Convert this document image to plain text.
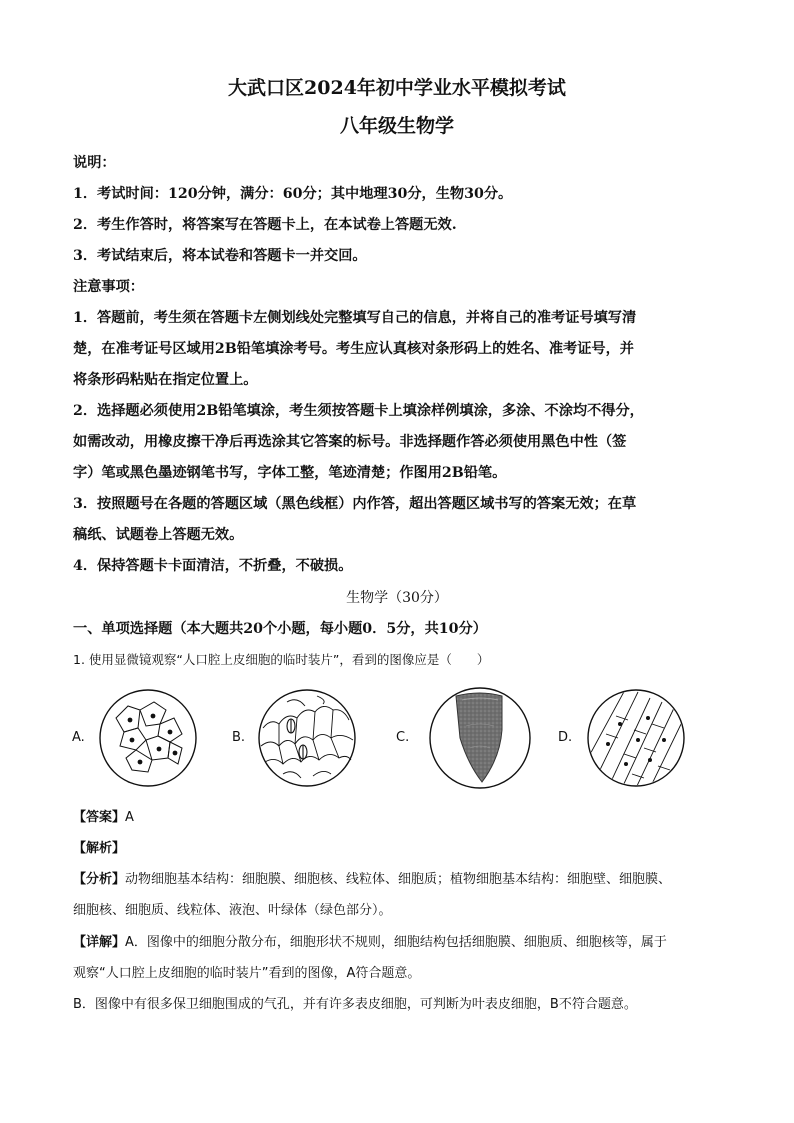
大武口区2024年初中学业水平模拟考试
八年级生物学
说明：
1．考试时间：120分钟，满分：60分；其中地理30分，生物30分。
2．考生作答时，将答案写在答题卡上，在本试卷上答题无效.
3．考试结束后，将本试卷和答题卡一并交回。
注意事项：
1．答题前，考生须在答题卡左侧划线处完整填写自己的信息，并将自己的准考证号填写清
楚，在准考证号区域用2B铅笔填涂考号。考生应认真核对条形码上的姓名、准考证号，并
将条形码粘贴在指定位置上。
2．选择题必须使用2B铅笔填涂，考生须按答题卡上填涂样例填涂，多涂、不涂均不得分，
如需改动，用橡皮擦干净后再选涂其它答案的标号。非选择题作答必须使用黑色中性（签
字）笔或黑色墨迹钢笔书写，字体工整，笔迹清楚；作图用2B铅笔。
3．按照题号在各题的答题区域（黑色线框）内作答，超出答题区域书写的答案无效；在草
稿纸、试题卷上答题无效。
4．保持答题卡卡面清洁，不折叠，不破损。
生物学（30分）
一、单项选择题（本大题共20个小题，每小题0．5分，共10分）
1. 使用显微镜观察“人口腔上皮细胞的临时装片”，看到的图像应是（　　）
A.	B.	C.	D.
【答案】A
【解析】
【分析】动物细胞基本结构：细胞膜、细胞核、线粒体、细胞质；植物细胞基本结构：细胞壁、细胞膜、
细胞核、细胞质、线粒体、液泡、叶绿体（绿色部分）。
【详解】A．图像中的细胞分散分布，细胞形状不规则，细胞结构包括细胞膜、细胞质、细胞核等，属于
观察“人口腔上皮细胞的临时装片”看到的图像，A符合题意。
B．图像中有很多保卫细胞围成的气孔，并有许多表皮细胞，可判断为叶表皮细胞，B不符合题意。
